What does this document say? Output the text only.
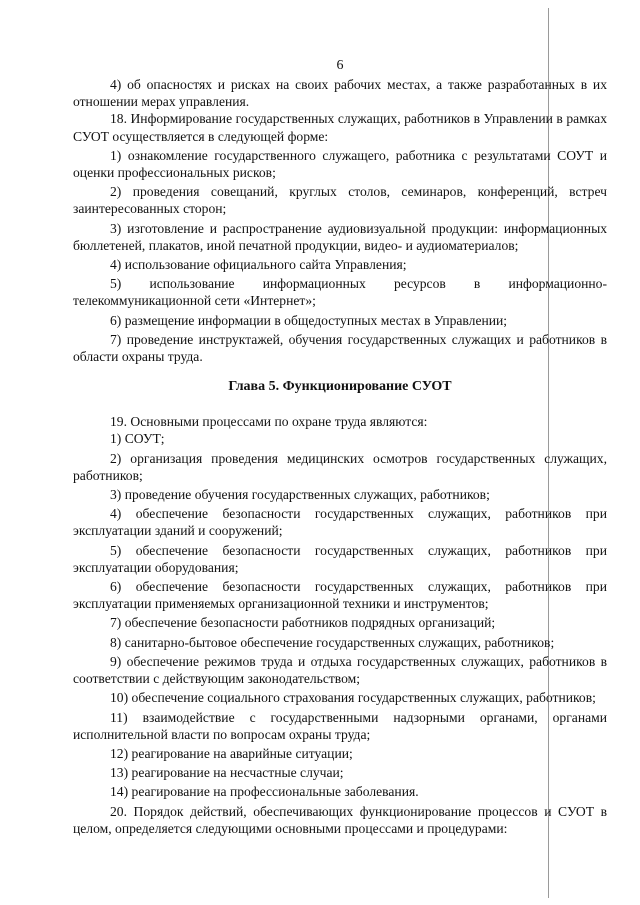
6

4) об опасностях и рисках на своих рабочих местах, а также разработанных в их отношении мерах управления.

18. Информирование государственных служащих, работников в Управлении в рамках СУОТ осуществляется в следующей форме:

1) ознакомление государственного служащего, работника с результатами СОУТ и оценки профессиональных рисков;

2) проведения совещаний, круглых столов, семинаров, конференций, встреч заинтересованных сторон;

3) изготовление и распространение аудиовизуальной продукции: информационных бюллетеней, плакатов, иной печатной продукции, видео- и аудиоматериалов;

4) использование официального сайта Управления;

5) использование информационных ресурсов в информационно-телекоммуникационной сети «Интернет»;

6) размещение информации в общедоступных местах в Управлении;

7) проведение инструктажей, обучения государственных служащих и работников в области охраны труда.

Глава 5. Функционирование СУОТ

19. Основными процессами по охране труда являются:

1) СОУТ;

2) организация проведения медицинских осмотров государственных служащих, работников;

3) проведение обучения государственных служащих, работников;

4) обеспечение безопасности государственных служащих, работников при эксплуатации зданий и сооружений;

5) обеспечение безопасности государственных служащих, работников при эксплуатации оборудования;

6) обеспечение безопасности государственных служащих, работников при эксплуатации применяемых организационной техники и инструментов;

7) обеспечение безопасности работников подрядных организаций;

8) санитарно-бытовое обеспечение государственных служащих, работников;

9) обеспечение режимов труда и отдыха государственных служащих, работников в соответствии с действующим законодательством;

10) обеспечение социального страхования государственных служащих, работников;

11) взаимодействие с государственными надзорными органами, органами исполнительной власти по вопросам охраны труда;

12) реагирование на аварийные ситуации;

13) реагирование на несчастные случаи;

14) реагирование на профессиональные заболевания.

20. Порядок действий, обеспечивающих функционирование процессов и СУОТ в целом, определяется следующими основными процессами и процедурами:
